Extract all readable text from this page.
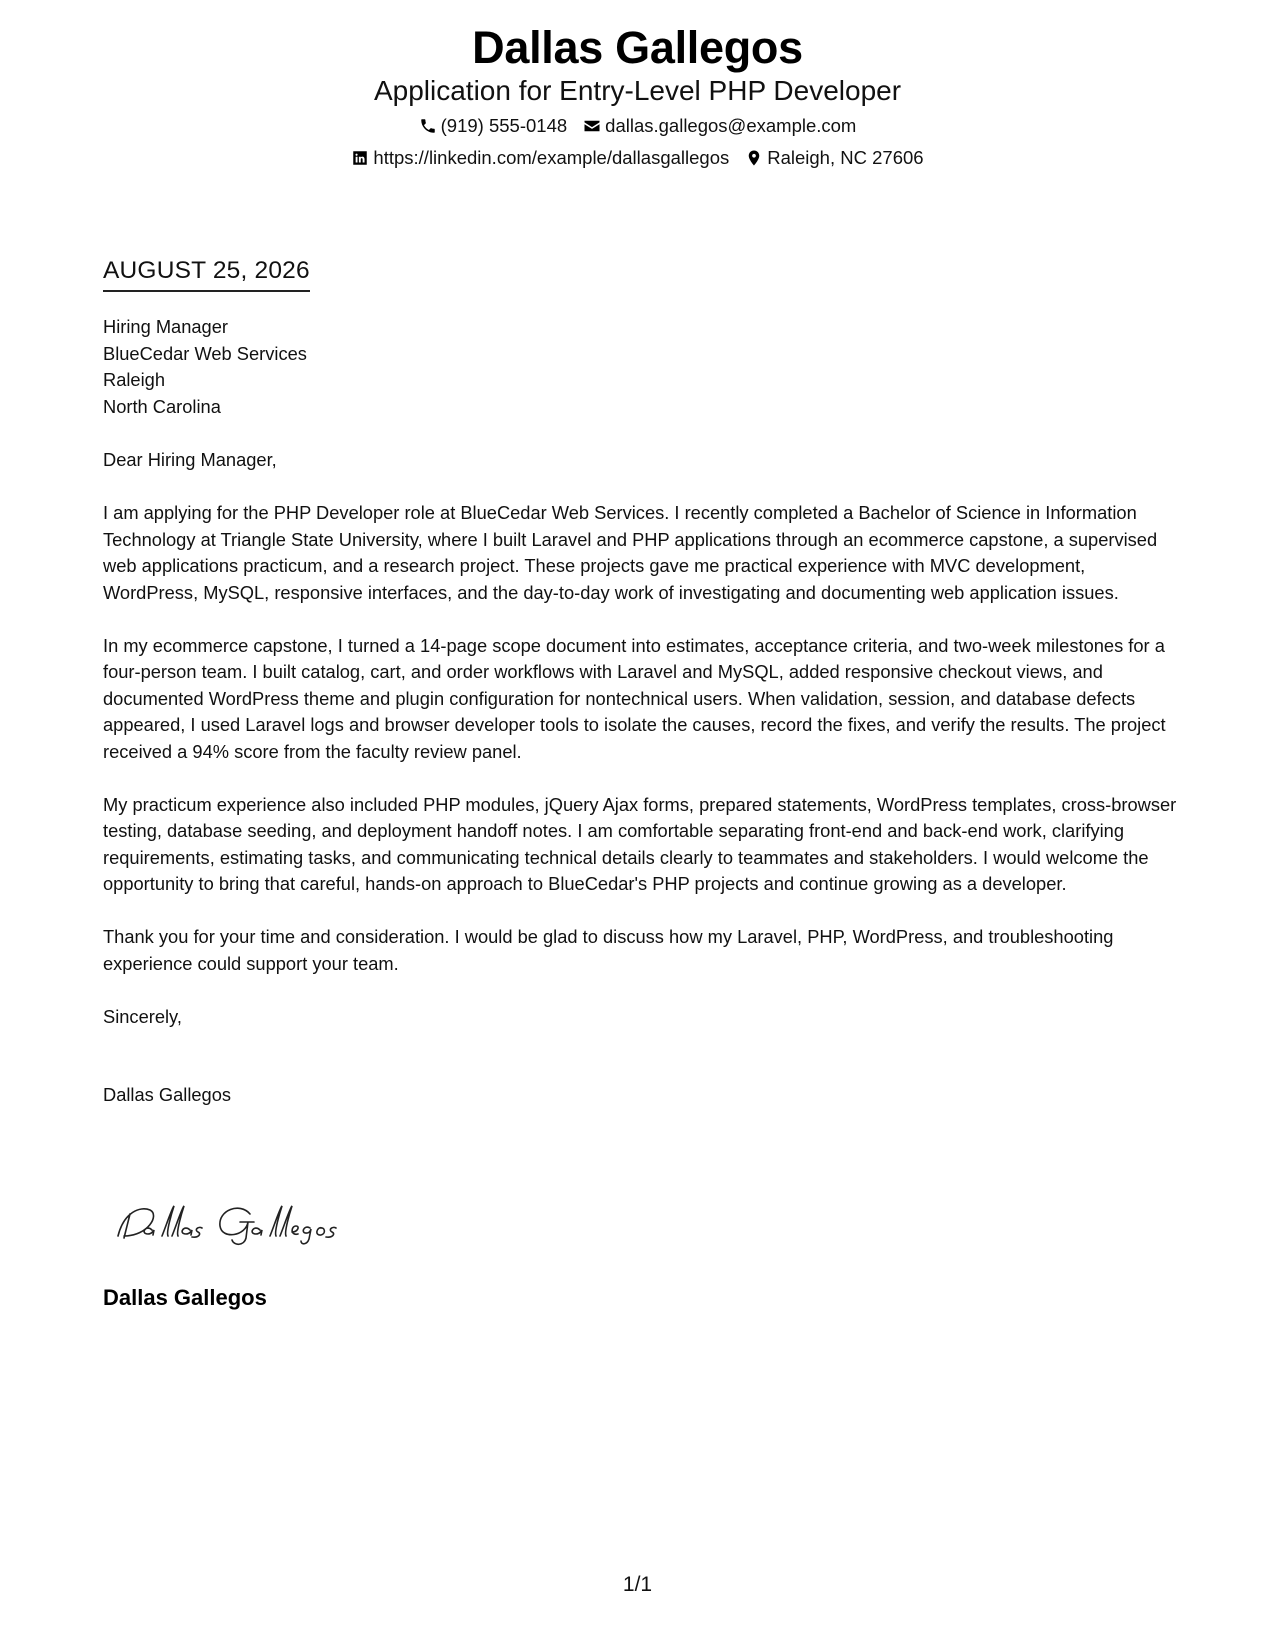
Dallas Gallegos
Application for Entry-Level PHP Developer
(919) 555-0148 dallas.gallegos@example.com
https://linkedin.com/example/dallasgallegos Raleigh, NC 27606
AUGUST 25, 2026
Hiring Manager
BlueCedar Web Services
Raleigh
North Carolina

Dear Hiring Manager,

I am applying for the PHP Developer role at BlueCedar Web Services. I recently completed a Bachelor of Science in Information Technology at Triangle State University, where I built Laravel and PHP applications through an ecommerce capstone, a supervised web applications practicum, and a research project. These projects gave me practical experience with MVC development, WordPress, MySQL, responsive interfaces, and the day-to-day work of investigating and documenting web application issues.

In my ecommerce capstone, I turned a 14-page scope document into estimates, acceptance criteria, and two-week milestones for a four-person team. I built catalog, cart, and order workflows with Laravel and MySQL, added responsive checkout views, and documented WordPress theme and plugin configuration for nontechnical users. When validation, session, and database defects appeared, I used Laravel logs and browser developer tools to isolate the causes, record the fixes, and verify the results. The project received a 94% score from the faculty review panel.

My practicum experience also included PHP modules, jQuery Ajax forms, prepared statements, WordPress templates, cross-browser testing, database seeding, and deployment handoff notes. I am comfortable separating front-end and back-end work, clarifying requirements, estimating tasks, and communicating technical details clearly to teammates and stakeholders. I would welcome the opportunity to bring that careful, hands-on approach to BlueCedar's PHP projects and continue growing as a developer.

Thank you for your time and consideration. I would be glad to discuss how my Laravel, PHP, WordPress, and troubleshooting experience could support your team.

Sincerely,

Dallas Gallegos
Dallas Gallegos
1/1
